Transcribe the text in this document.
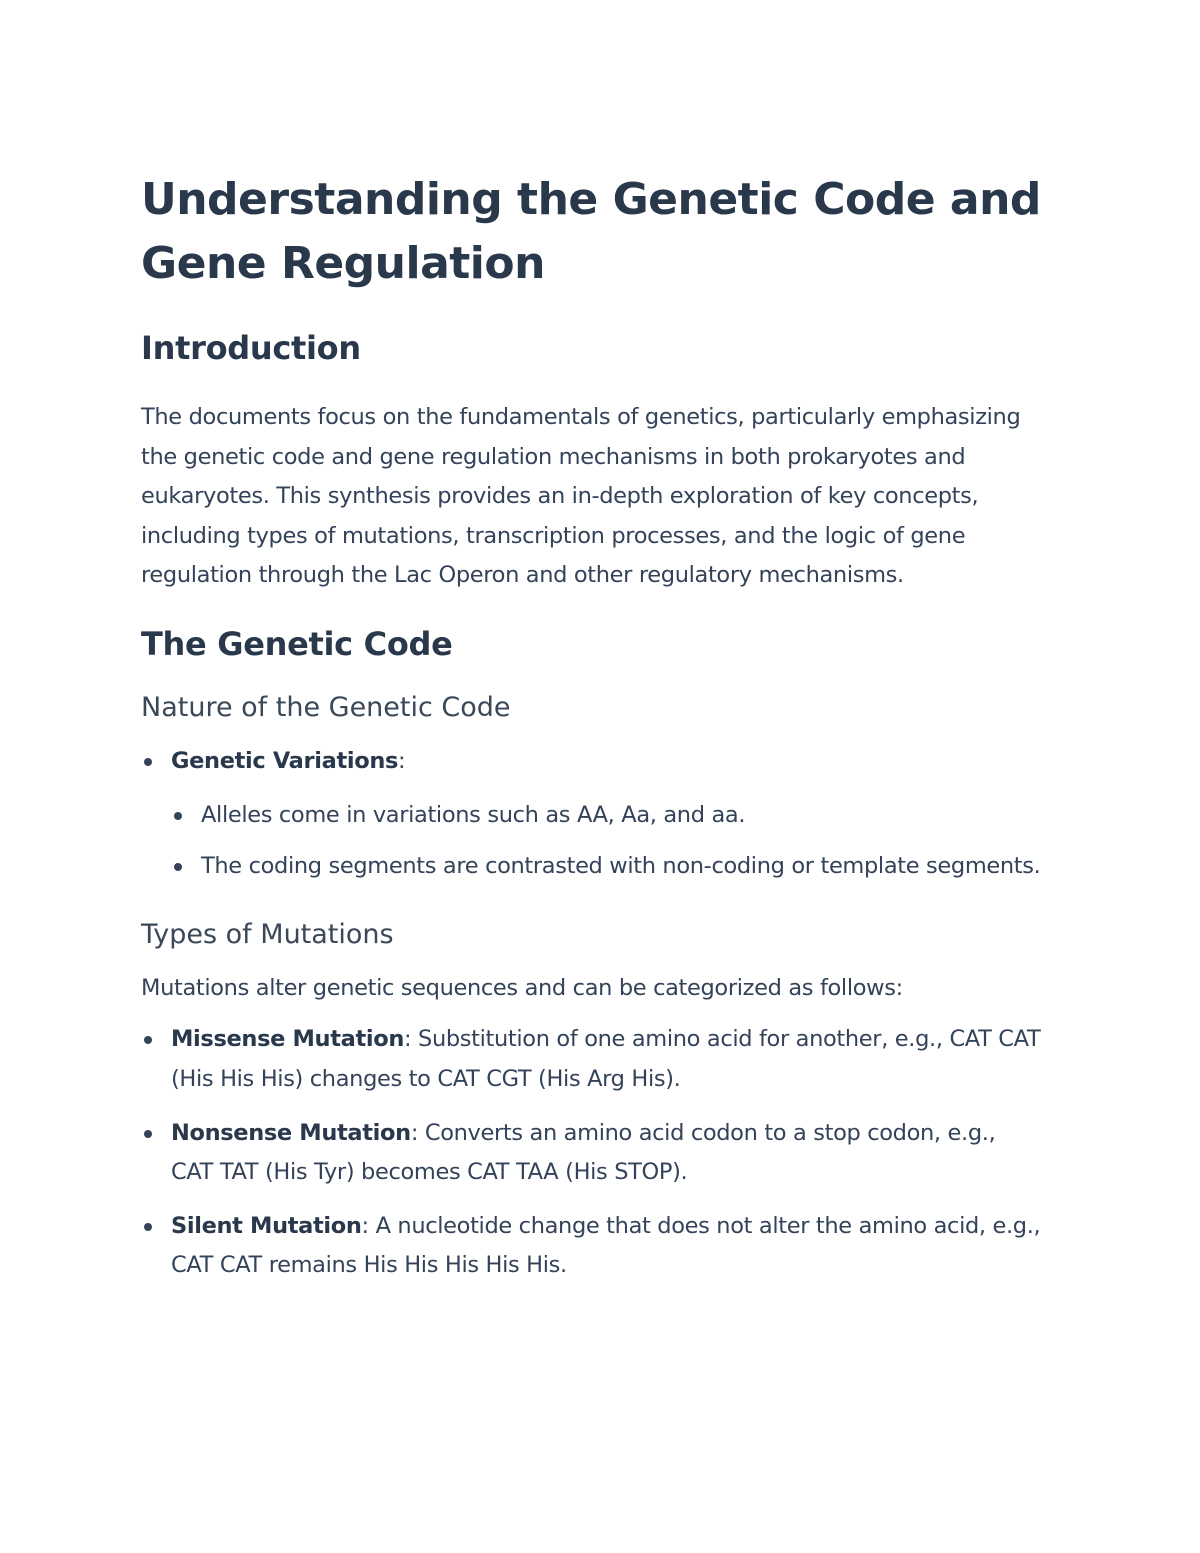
Understanding the Genetic Code and Gene Regulation
Introduction

The documents focus on the fundamentals of genetics, particularly emphasizing the genetic code and gene regulation mechanisms in both prokaryotes and eukaryotes. This synthesis provides an in-depth exploration of key concepts, including types of mutations, transcription processes, and the logic of gene regulation through the Lac Operon and other regulatory mechanisms.

The Genetic Code
Nature of the Genetic Code
Genetic Variations:
Alleles come in variations such as AA, Aa, and aa.
The coding segments are contrasted with non-coding or template segments.
Types of Mutations

Mutations alter genetic sequences and can be categorized as follows:

Missense Mutation: Substitution of one amino acid for another, e.g., CAT CAT (His His His) changes to CAT CGT (His Arg His).
Nonsense Mutation: Converts an amino acid codon to a stop codon, e.g., CAT TAT (His Tyr) becomes CAT TAA (His STOP).
Silent Mutation: A nucleotide change that does not alter the amino acid, e.g., CAT CAT remains His His His His His.
